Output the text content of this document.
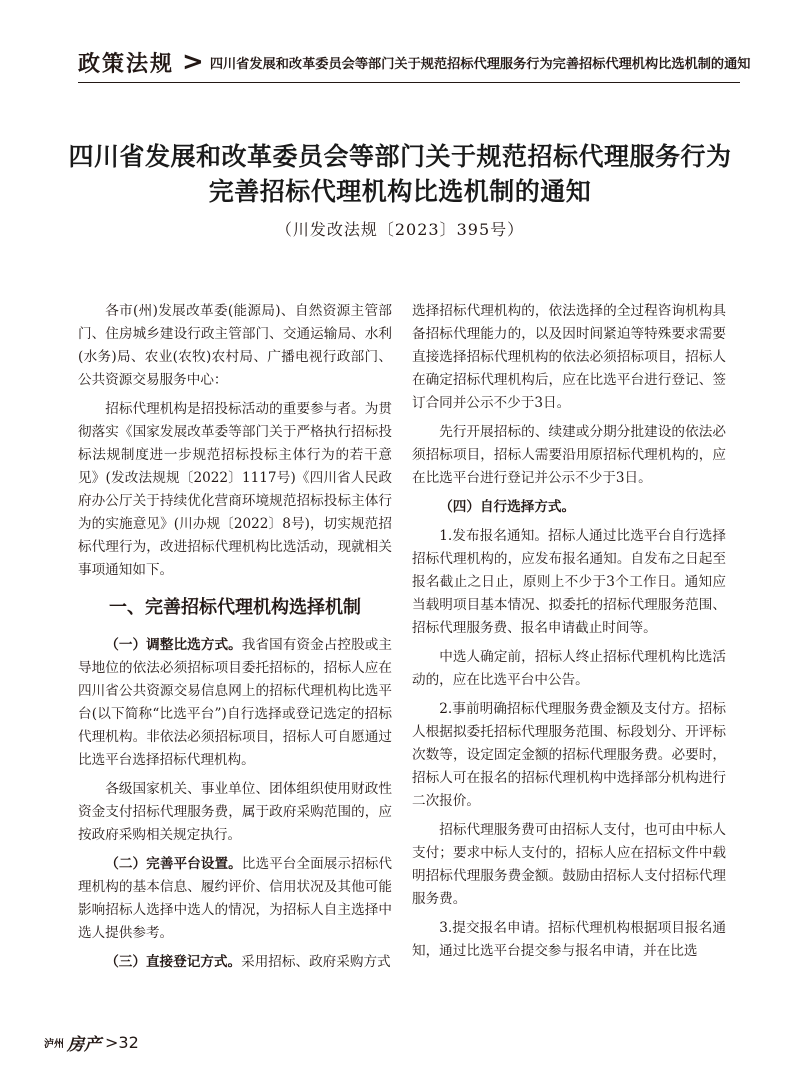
政策法规 > 四川省发展和改革委员会等部门关于规范招标代理服务行为完善招标代理机构比选机制的通知
四川省发展和改革委员会等部门关于规范招标代理服务行为
完善招标代理机构比选机制的通知
（川发改法规〔2023〕395号）

各市(州)发展改革委(能源局)、自然资源主管部门、住房城乡建设行政主管部门、交通运输局、水利(水务)局、农业(农牧)农村局、广播电视行政部门、公共资源交易服务中心：

招标代理机构是招投标活动的重要参与者。为贯彻落实《国家发展改革委等部门关于严格执行招标投标法规制度进一步规范招标投标主体行为的若干意见》(发改法规规〔2022〕1117号)《四川省人民政府办公厅关于持续优化营商环境规范招标投标主体行为的实施意见》(川办规〔2022〕8号)，切实规范招标代理行为，改进招标代理机构比选活动，现就相关事项通知如下。

一、完善招标代理机构选择机制

（一）调整比选方式。我省国有资金占控股或主导地位的依法必须招标项目委托招标的，招标人应在四川省公共资源交易信息网上的招标代理机构比选平台(以下简称“比选平台”)自行选择或登记选定的招标代理机构。非依法必须招标项目，招标人可自愿通过比选平台选择招标代理机构。

各级国家机关、事业单位、团体组织使用财政性资金支付招标代理服务费，属于政府采购范围的，应按政府采购相关规定执行。

（二）完善平台设置。比选平台全面展示招标代理机构的基本信息、履约评价、信用状况及其他可能影响招标人选择中选人的情况，为招标人自主选择中选人提供参考。

（三）直接登记方式。采用招标、政府采购方式

选择招标代理机构的，依法选择的全过程咨询机构具备招标代理能力的，以及因时间紧迫等特殊要求需要直接选择招标代理机构的依法必须招标项目，招标人在确定招标代理机构后，应在比选平台进行登记、签订合同并公示不少于3日。

先行开展招标的、续建或分期分批建设的依法必须招标项目，招标人需要沿用原招标代理机构的，应在比选平台进行登记并公示不少于3日。

（四）自行选择方式。

1.发布报名通知。招标人通过比选平台自行选择招标代理机构的，应发布报名通知。自发布之日起至报名截止之日止，原则上不少于3个工作日。通知应当载明项目基本情况、拟委托的招标代理服务范围、招标代理服务费、报名申请截止时间等。

中选人确定前，招标人终止招标代理机构比选活动的，应在比选平台中公告。

2.事前明确招标代理服务费金额及支付方。招标人根据拟委托招标代理服务范围、标段划分、开评标次数等，设定固定金额的招标代理服务费。必要时，招标人可在报名的招标代理机构中选择部分机构进行二次报价。

招标代理服务费可由招标人支付，也可由中标人支付；要求中标人支付的，招标人应在招标文件中载明招标代理服务费金额。鼓励由招标人支付招标代理服务费。

3.提交报名申请。招标代理机构根据项目报名通知，通过比选平台提交参与报名申请，并在比选

泸州 房产 >32
